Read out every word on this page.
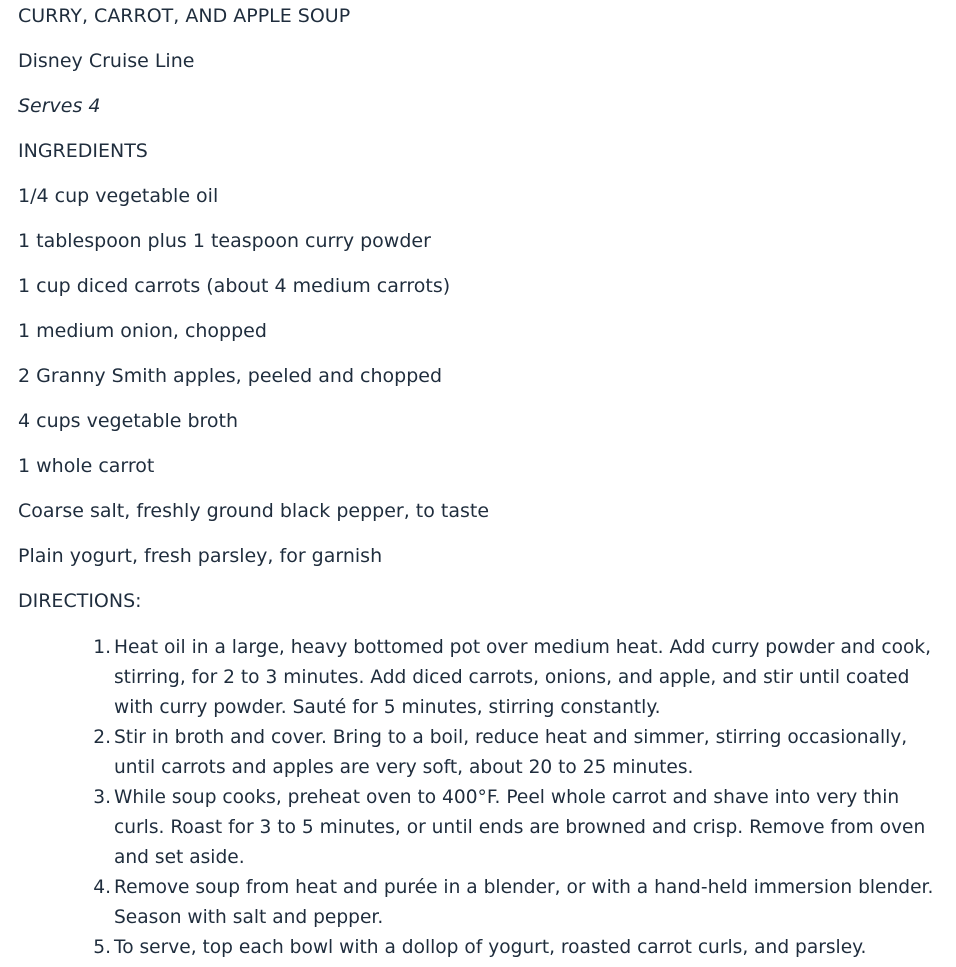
CURRY, CARROT, AND APPLE SOUP

Disney Cruise Line

Serves 4

INGREDIENTS

1/4 cup vegetable oil

1 tablespoon plus 1 teaspoon curry powder

1 cup diced carrots (about 4 medium carrots)

1 medium onion, chopped

2 Granny Smith apples, peeled and chopped

4 cups vegetable broth

1 whole carrot

Coarse salt, freshly ground black pepper, to taste

Plain yogurt, fresh parsley, for garnish

DIRECTIONS:

1. Heat oil in a large, heavy bottomed pot over medium heat. Add curry powder and cook, stirring, for 2 to 3 minutes. Add diced carrots, onions, and apple, and stir until coated with curry powder. Sauté for 5 minutes, stirring constantly.
2. Stir in broth and cover. Bring to a boil, reduce heat and simmer, stirring occasionally, until carrots and apples are very soft, about 20 to 25 minutes.
3. While soup cooks, preheat oven to 400°F. Peel whole carrot and shave into very thin curls. Roast for 3 to 5 minutes, or until ends are browned and crisp. Remove from oven and set aside.
4. Remove soup from heat and purée in a blender, or with a hand-held immersion blender. Season with salt and pepper.
5. To serve, top each bowl with a dollop of yogurt, roasted carrot curls, and parsley.
